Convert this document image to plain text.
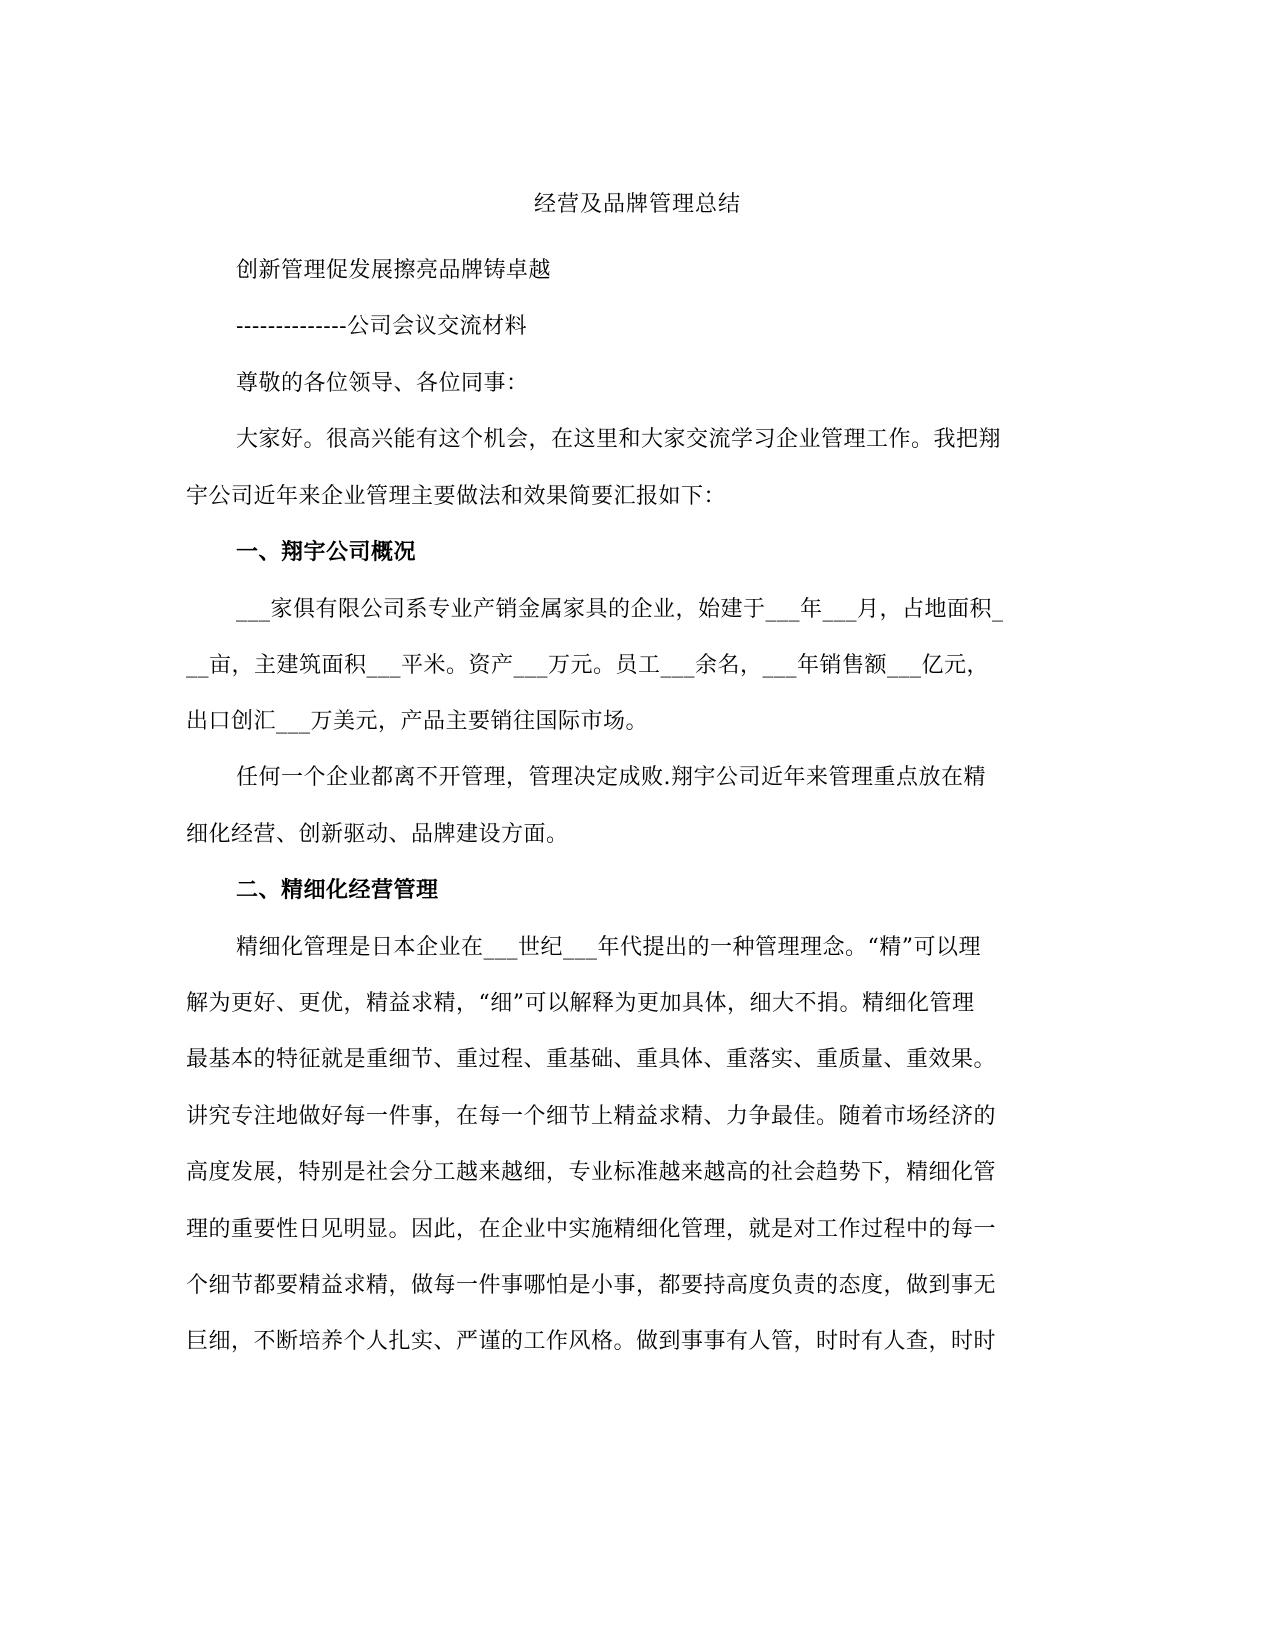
经营及品牌管理总结
创新管理促发展擦亮品牌铸卓越
--------------公司会议交流材料
尊敬的各位领导、各位同事：
大家好。很高兴能有这个机会，在这里和大家交流学习企业管理工作。我把翔
宇公司近年来企业管理主要做法和效果简要汇报如下：
一、翔宇公司概况
___家俱有限公司系专业产销金属家具的企业，始建于___年___月，占地面积_
__亩，主建筑面积___平米。资产___万元。员工___余名，___年销售额___亿元，
出口创汇___万美元，产品主要销往国际市场。
任何一个企业都离不开管理，管理决定成败.翔宇公司近年来管理重点放在精
细化经营、创新驱动、品牌建设方面。
二、精细化经营管理
精细化管理是日本企业在___世纪___年代提出的一种管理理念。“精”可以理
解为更好、更优，精益求精，“细”可以解释为更加具体，细大不捐。精细化管理
最基本的特征就是重细节、重过程、重基础、重具体、重落实、重质量、重效果。
讲究专注地做好每一件事，在每一个细节上精益求精、力争最佳。随着市场经济的
高度发展，特别是社会分工越来越细，专业标准越来越高的社会趋势下，精细化管
理的重要性日见明显。因此，在企业中实施精细化管理，就是对工作过程中的每一
个细节都要精益求精，做每一件事哪怕是小事，都要持高度负责的态度，做到事无
巨细，不断培养个人扎实、严谨的工作风格。做到事事有人管，时时有人查，时时
